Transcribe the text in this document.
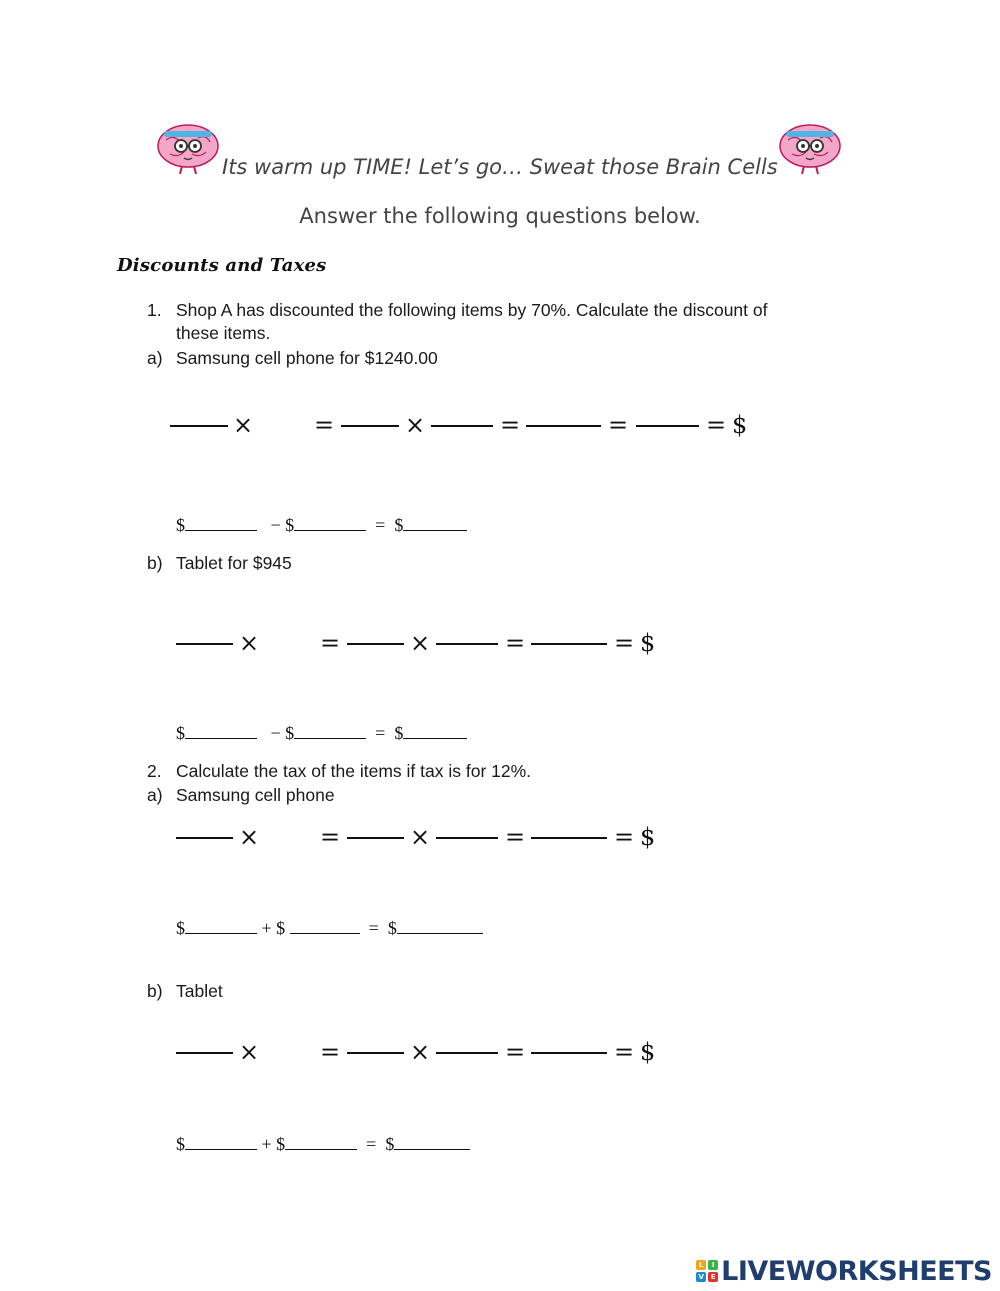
Its warm up TIME! Let’s go… Sweat those Brain Cells
Answer the following questions below.
Discounts and Taxes
1. Shop A has discounted the following items by 70%. Calculate the discount of
these items.
a) Samsung cell phone for $1240.00
×	=	×	=	=	= $
$	− $	= $
b) Tablet for $945
×	=	×	=	= $
$	− $	= $
2. Calculate the tax of the items if tax is for 12%.
a) Samsung cell phone
×	=	×	=	= $
$	+ $	= $
b) Tablet
×	=	×	=	= $
$	+ $	= $
L	I
V E LIVEWORKSHEETS
